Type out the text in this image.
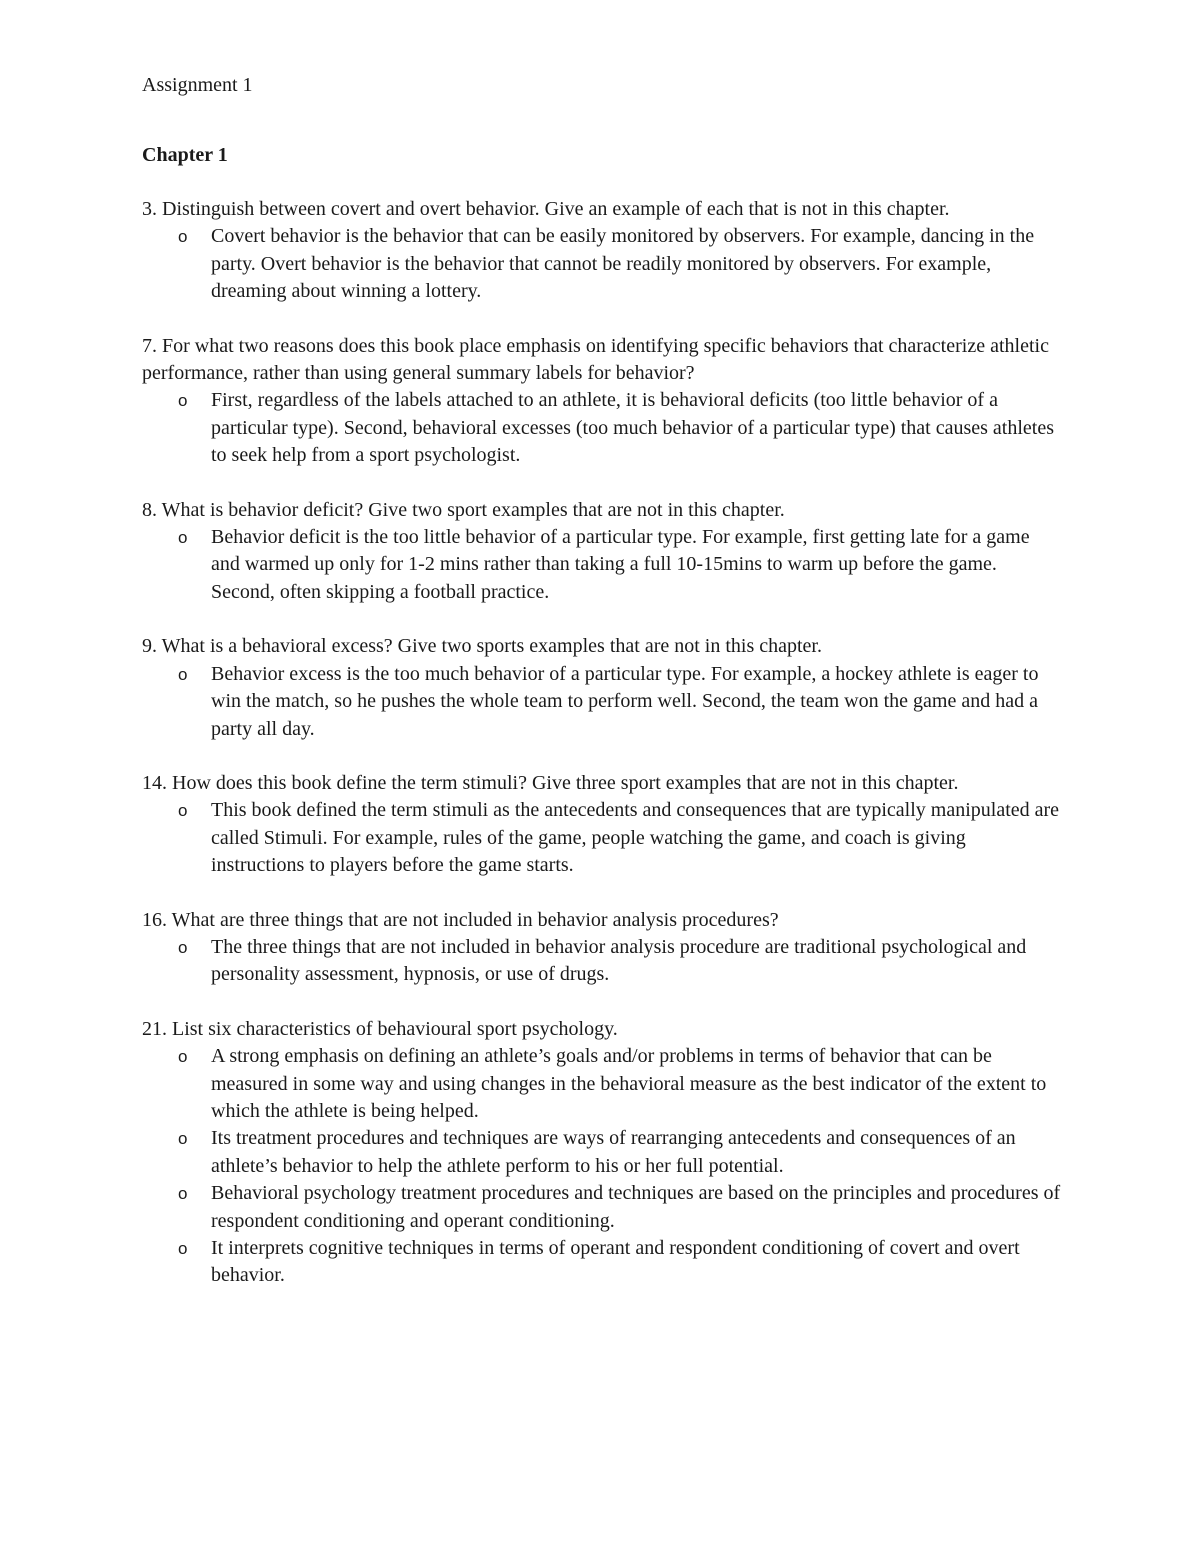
Assignment 1

Chapter 1

3. Distinguish between covert and overt behavior. Give an example of each that is not in this chapter.

o Covert behavior is the behavior that can be easily monitored by observers. For example, dancing in the party. Overt behavior is the behavior that cannot be readily monitored by observers. For example, dreaming about winning a lottery.

7. For what two reasons does this book place emphasis on identifying specific behaviors that characterize athletic performance, rather than using general summary labels for behavior?

o First, regardless of the labels attached to an athlete, it is behavioral deficits (too little behavior of a particular type). Second, behavioral excesses (too much behavior of a particular type) that causes athletes to seek help from a sport psychologist.

8. What is behavior deficit? Give two sport examples that are not in this chapter.

o Behavior deficit is the too little behavior of a particular type. For example, first getting late for a game and warmed up only for 1-2 mins rather than taking a full 10-15mins to warm up before the game. Second, often skipping a football practice.

9. What is a behavioral excess? Give two sports examples that are not in this chapter.

o Behavior excess is the too much behavior of a particular type. For example, a hockey athlete is eager to win the match, so he pushes the whole team to perform well. Second, the team won the game and had a party all day.

14. How does this book define the term stimuli? Give three sport examples that are not in this chapter.

o This book defined the term stimuli as the antecedents and consequences that are typically manipulated are called Stimuli. For example, rules of the game, people watching the game, and coach is giving instructions to players before the game starts.

16. What are three things that are not included in behavior analysis procedures?

o The three things that are not included in behavior analysis procedure are traditional psychological and personality assessment, hypnosis, or use of drugs.

21. List six characteristics of behavioural sport psychology.

o A strong emphasis on defining an athlete’s goals and/or problems in terms of behavior that can be measured in some way and using changes in the behavioral measure as the best indicator of the extent to which the athlete is being helped.
o Its treatment procedures and techniques are ways of rearranging antecedents and consequences of an athlete’s behavior to help the athlete perform to his or her full potential.
o Behavioral psychology treatment procedures and techniques are based on the principles and procedures of respondent conditioning and operant conditioning.
o It interprets cognitive techniques in terms of operant and respondent conditioning of covert and overt behavior.
